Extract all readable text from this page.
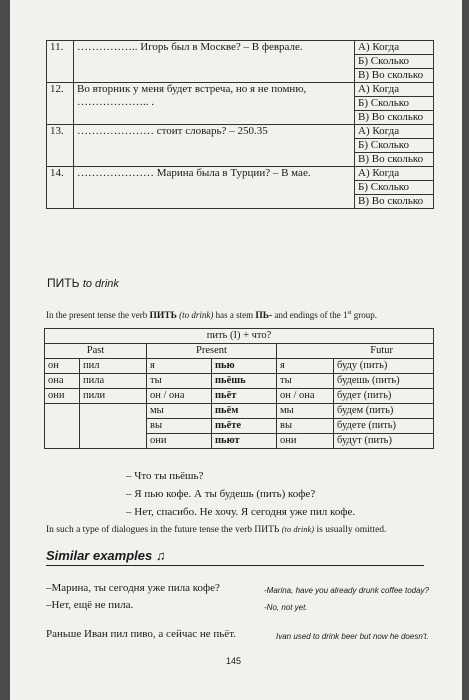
11.	…………….. Игорь был в Москве? – В феврале.	А) Когда
Б) Сколько
В) Во сколько

12.	Во вторник у меня будет встреча, но я не помню, ……………….. .	А) Когда
Б) Сколько
В) Во сколько

13.	………………… стоит словарь? – 250.35	А) Когда
Б) Сколько
В) Во сколько

14.	………………… Марина была в Турции? – В мае.	А) Когда
Б) Сколько
В) Во сколько
ПИТЬ to drink
In the present tense the verb ПИТЬ (to drink) has a stem ПЬ- and endings of the 1st group.
пить (I) + что?					
Past		Present		Futur	
он	пил	я	пью	я	буду (пить)
она	пила	ты	пьёшь	ты	будешь (пить)
они	пили	он / она	пьёт	он / она	будет (пить)
		мы	пьём	мы	будем (пить)
		вы	пьёте	вы	будете (пить)
		они	пьют	они	будут (пить)
– Что ты пьёшь?
– Я пью кофе. А ты будешь (пить) кофе?
– Нет, спасибо. Не хочу. Я сегодня уже пил кофе.
In such a type of dialogues in the future tense the verb ПИТЬ (to drink) is usually omitted.
Similar examples ♫
–Марина, ты сегодня уже пила кофе?	-Marina, have you already drunk coffee today?
–Нет, ещё не пила.	-No, not yet.
Раньше Иван пил пиво, а сейчас не пьёт.	Ivan used to drink beer but now he doesn't.
145
